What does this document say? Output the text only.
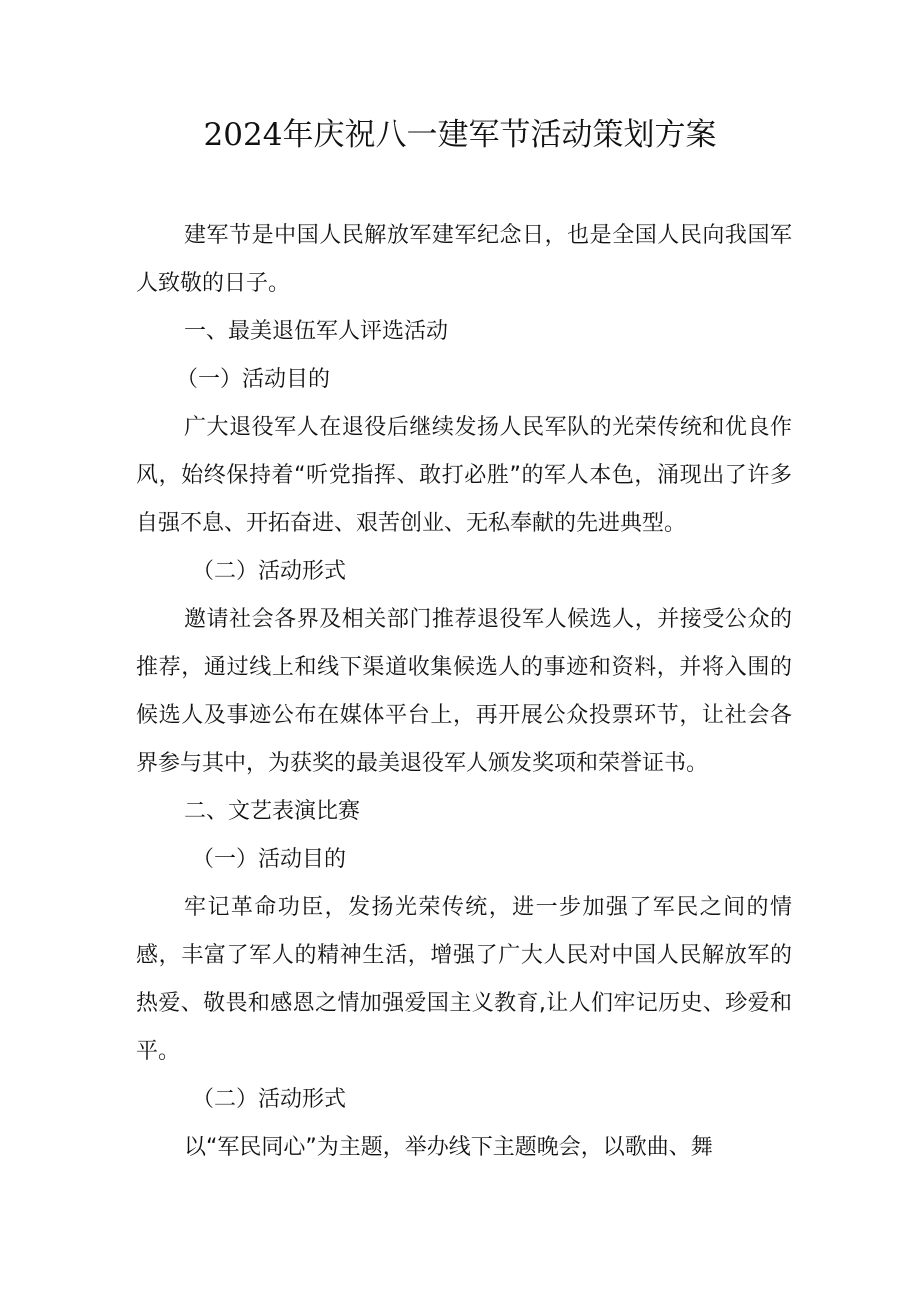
2024年庆祝八一建军节活动策划方案

建军节是中国人民解放军建军纪念日，也是全国人民向我国军人致敬的日子。

一、最美退伍军人评选活动

（一）活动目的

广大退役军人在退役后继续发扬人民军队的光荣传统和优良作风，始终保持着“听党指挥、敢打必胜”的军人本色，涌现出了许多自强不息、开拓奋进、艰苦创业、无私奉献的先进典型。

（二）活动形式

邀请社会各界及相关部门推荐退役军人候选人，并接受公众的推荐，通过线上和线下渠道收集候选人的事迹和资料，并将入围的候选人及事迹公布在媒体平台上，再开展公众投票环节，让社会各界参与其中，为获奖的最美退役军人颁发奖项和荣誉证书。

二、文艺表演比赛

（一）活动目的

牢记革命功臣，发扬光荣传统，进一步加强了军民之间的情感，丰富了军人的精神生活，增强了广大人民对中国人民解放军的热爱、敬畏和感恩之情加强爱国主义教育,让人们牢记历史、珍爱和平。

（二）活动形式

以“军民同心”为主题，举办线下主题晚会，以歌曲、舞
